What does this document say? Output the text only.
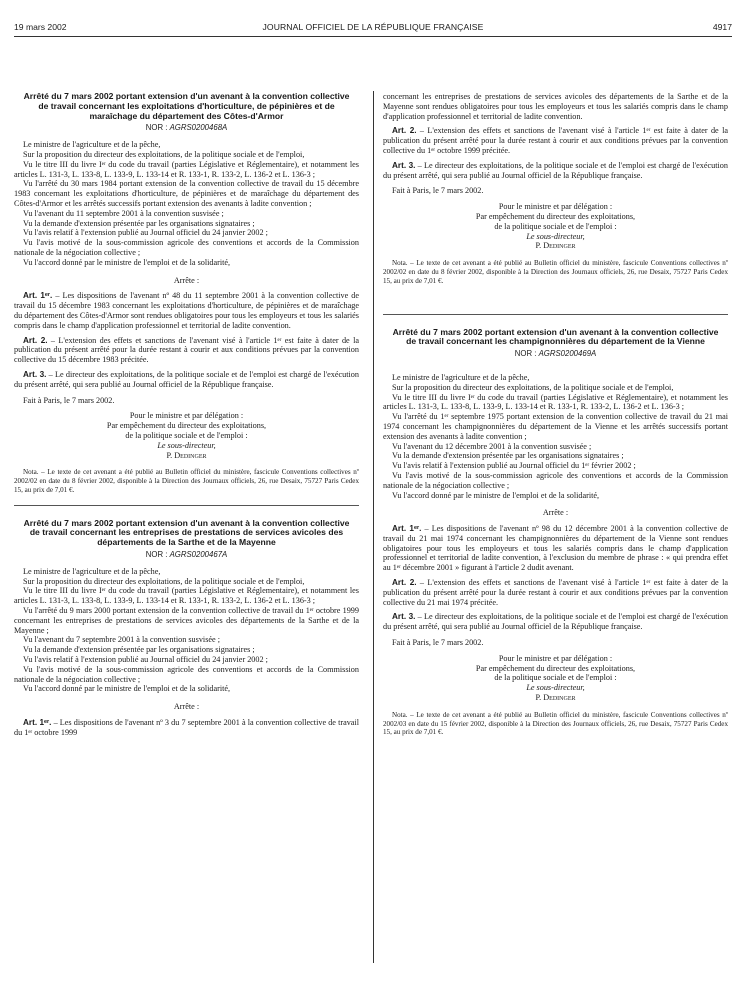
19 mars 2002	JOURNAL OFFICIEL DE LA RÉPUBLIQUE FRANÇAISE	4917
Arrêté du 7 mars 2002 portant extension d'un avenant à la convention collective de travail concernant les exploitations d'horticulture, de pépinières et de maraîchage du département des Côtes-d'Armor
NOR : AGRS0200468A

Le ministre de l'agriculture et de la pêche,

Sur la proposition du directeur des exploitations, de la politique sociale et de l'emploi,

Vu le titre III du livre Iᵉʳ du code du travail (parties Législative et Réglementaire), et notamment les articles L. 131-3, L. 133-8, L. 133-9, L. 133-14 et R. 133-1, R. 133-2, L. 136-2 et L. 136-3 ;

Vu l'arrêté du 30 mars 1984 portant extension de la convention collective de travail du 15 décembre 1983 concernant les exploitations d'horticulture, de pépinières et de maraîchage du département des Côtes-d'Armor et les arrêtés successifs portant extension des avenants à ladite convention ;

Vu l'avenant du 11 septembre 2001 à la convention susvisée ;

Vu la demande d'extension présentée par les organisations signataires ;

Vu l'avis relatif à l'extension publié au Journal officiel du 24 janvier 2002 ;

Vu l'avis motivé de la sous-commission agricole des conventions et accords de la Commission nationale de la négociation collective ;

Vu l'accord donné par le ministre de l'emploi et de la solidarité,

Arrête :

Art. 1ᵉʳ. – Les dispositions de l'avenant nº 48 du 11 septembre 2001 à la convention collective de travail du 15 décembre 1983 concernant les exploitations d'horticulture, de pépinières et de maraîchage du département des Côtes-d'Armor sont rendues obligatoires pour tous les employeurs et tous les salariés compris dans le champ d'application professionnel et territorial de ladite convention.

Art. 2. – L'extension des effets et sanctions de l'avenant visé à l'article 1ᵉʳ est faite à dater de la publication du présent arrêté pour la durée restant à courir et aux conditions prévues par la convention collective du 15 décembre 1983 précitée.

Art. 3. – Le directeur des exploitations, de la politique sociale et de l'emploi est chargé de l'exécution du présent arrêté, qui sera publié au Journal officiel de la République française.

Fait à Paris, le 7 mars 2002.

Pour le ministre et par délégation :

Par empêchement du directeur des exploitations,

de la politique sociale et de l'emploi :

Le sous-directeur,

P. Dedinger

Nota. – Le texte de cet avenant a été publié au Bulletin officiel du ministère, fascicule Conventions collectives nº 2002/02 en date du 8 février 2002, disponible à la Direction des Journaux officiels, 26, rue Desaix, 75727 Paris Cedex 15, au prix de 7,01 €.

Arrêté du 7 mars 2002 portant extension d'un avenant à la convention collective de travail concernant les entreprises de prestations de services avicoles des départements de la Sarthe et de la Mayenne
NOR : AGRS0200467A

Le ministre de l'agriculture et de la pêche,

Sur la proposition du directeur des exploitations, de la politique sociale et de l'emploi,

Vu le titre III du livre Iᵉʳ du code du travail (parties Législative et Réglementaire), et notamment les articles L. 131-3, L. 133-8, L. 133-9, L. 133-14 et R. 133-1, R. 133-2, L. 136-2 et L. 136-3 ;

Vu l'arrêté du 9 mars 2000 portant extension de la convention collective de travail du 1ᵉʳ octobre 1999 concernant les entreprises de prestations de services avicoles des départements de la Sarthe et de la Mayenne ;

Vu l'avenant du 7 septembre 2001 à la convention susvisée ;

Vu la demande d'extension présentée par les organisations signataires ;

Vu l'avis relatif à l'extension publié au Journal officiel du 24 janvier 2002 ;

Vu l'avis motivé de la sous-commission agricole des conventions et accords de la Commission nationale de la négociation collective ;

Vu l'accord donné par le ministre de l'emploi et de la solidarité,

Arrête :

Art. 1ᵉʳ. – Les dispositions de l'avenant nº 3 du 7 septembre 2001 à la convention collective de travail du 1ᵉʳ octobre 1999

concernant les entreprises de prestations de services avicoles des départements de la Sarthe et de la Mayenne sont rendues obligatoires pour tous les employeurs et tous les salariés compris dans le champ d'application professionnel et territorial de ladite convention.

Art. 2. – L'extension des effets et sanctions de l'avenant visé à l'article 1ᵉʳ est faite à dater de la publication du présent arrêté pour la durée restant à courir et aux conditions prévues par la convention collective du 1ᵉʳ octobre 1999 précitée.

Art. 3. – Le directeur des exploitations, de la politique sociale et de l'emploi est chargé de l'exécution du présent arrêté, qui sera publié au Journal officiel de la République française.

Fait à Paris, le 7 mars 2002.

Pour le ministre et par délégation :

Par empêchement du directeur des exploitations,

de la politique sociale et de l'emploi :

Le sous-directeur,

P. Dedinger

Nota. – Le texte de cet avenant a été publié au Bulletin officiel du ministère, fascicule Conventions collectives nº 2002/02 en date du 8 février 2002, disponible à la Direction des Journaux officiels, 26, rue Desaix, 75727 Paris Cedex 15, au prix de 7,01 €.

Arrêté du 7 mars 2002 portant extension d'un avenant à la convention collective de travail concernant les champignonnières du département de la Vienne
NOR : AGRS0200469A

Le ministre de l'agriculture et de la pêche,

Sur la proposition du directeur des exploitations, de la politique sociale et de l'emploi,

Vu le titre III du livre Iᵉʳ du code du travail (parties Législative et Réglementaire), et notamment les articles L. 131-3, L. 133-8, L. 133-9, L. 133-14 et R. 133-1, R. 133-2, L. 136-2 et L. 136-3 ;

Vu l'arrêté du 1ᵉʳ septembre 1975 portant extension de la convention collective de travail du 21 mai 1974 concernant les champignonnières du département de la Vienne et les arrêtés successifs portant extension des avenants à ladite convention ;

Vu l'avenant du 12 décembre 2001 à la convention susvisée ;

Vu la demande d'extension présentée par les organisations signataires ;

Vu l'avis relatif à l'extension publié au Journal officiel du 1ᵉʳ février 2002 ;

Vu l'avis motivé de la sous-commission agricole des conventions et accords de la Commission nationale de la négociation collective ;

Vu l'accord donné par le ministre de l'emploi et de la solidarité,

Arrête :

Art. 1ᵉʳ. – Les dispositions de l'avenant nº 98 du 12 décembre 2001 à la convention collective de travail du 21 mai 1974 concernant les champignonnières du département de la Vienne sont rendues obligatoires pour tous les employeurs et tous les salariés compris dans le champ d'application professionnel et territorial de ladite convention, à l'exclusion du membre de phrase : « qui prendra effet au 1ᵉʳ décembre 2001 » figurant à l'article 2 dudit avenant.

Art. 2. – L'extension des effets et sanctions de l'avenant visé à l'article 1ᵉʳ est faite à dater de la publication du présent arrêté pour la durée restant à courir et aux conditions prévues par la convention collective du 21 mai 1974 précitée.

Art. 3. – Le directeur des exploitations, de la politique sociale et de l'emploi est chargé de l'exécution du présent arrêté, qui sera publié au Journal officiel de la République française.

Fait à Paris, le 7 mars 2002.

Pour le ministre et par délégation :

Par empêchement du directeur des exploitations,

de la politique sociale et de l'emploi :

Le sous-directeur,

P. Dedinger

Nota. – Le texte de cet avenant a été publié au Bulletin officiel du ministère, fascicule Conventions collectives nº 2002/03 en date du 15 février 2002, disponible à la Direction des Journaux officiels, 26, rue Desaix, 75727 Paris Cedex 15, au prix de 7,01 €.
